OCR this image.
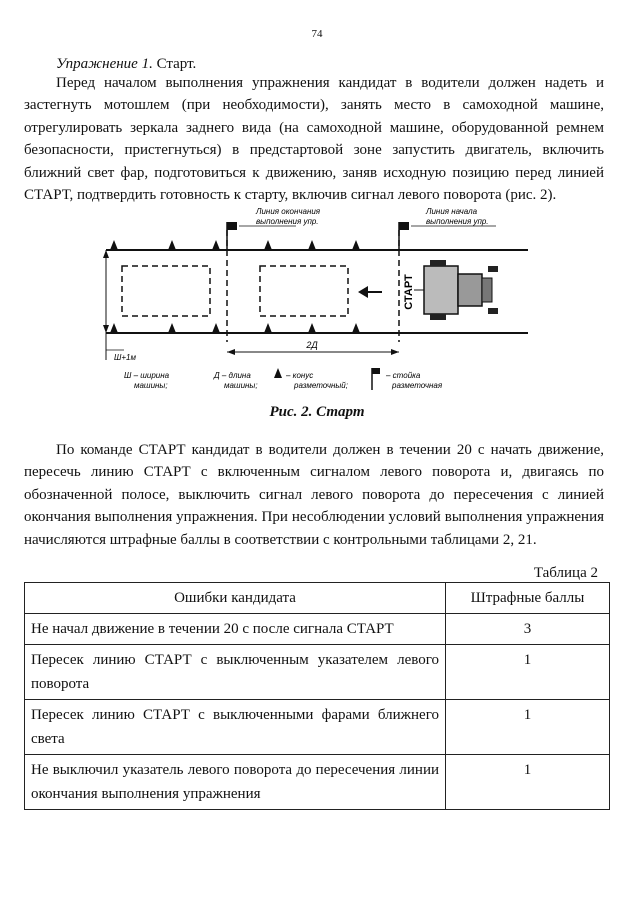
74
Упражнение 1. Старт.

Перед началом выполнения упражнения кандидат в водители должен надеть и застегнуть мотошлем (при необходимости), занять место в самоходной машине, отрегулировать зеркала заднего вида (на самоходной машине, оборудованной ремнем безопасности, пристегнуться) в предстартовой зоне запустить двигатель, включить ближний свет фар, подготовиться к движению, заняв исходную позицию перед линией СТАРТ, подтвердить готовность к старту, включив сигнал левого поворота (рис. 2).

Линия окончания
выполнения упр.
Линия начала
выполнения упр.
СТАРТ
2Д
Ш+1м
Ш – ширина
машины;
Д – длина
машины;
– конус
разметочный;
– стойка
разметочная
Рис. 2. Старт

По команде СТАРТ кандидат в водители должен в течении 20 с начать движение, пересечь линию СТАРТ с включенным сигналом левого поворота и, двигаясь по обозначенной полосе, выключить сигнал левого поворота до пересечения с линией окончания выполнения упражнения. При несоблюдении условий выполнения упражнения начисляются штрафные баллы в соответствии с контрольными таблицами 2, 21.

Таблица 2
Ошибки кандидата	Штрафные баллы
Не начал движение в течении 20 с после сигнала СТАРТ	3
Пересек линию СТАРТ с выключенным указателем левого поворота	1
Пересек линию СТАРТ с выключенными фарами ближнего света	1
Не выключил указатель левого поворота до пересечения линии окончания выполнения упражнения	1
